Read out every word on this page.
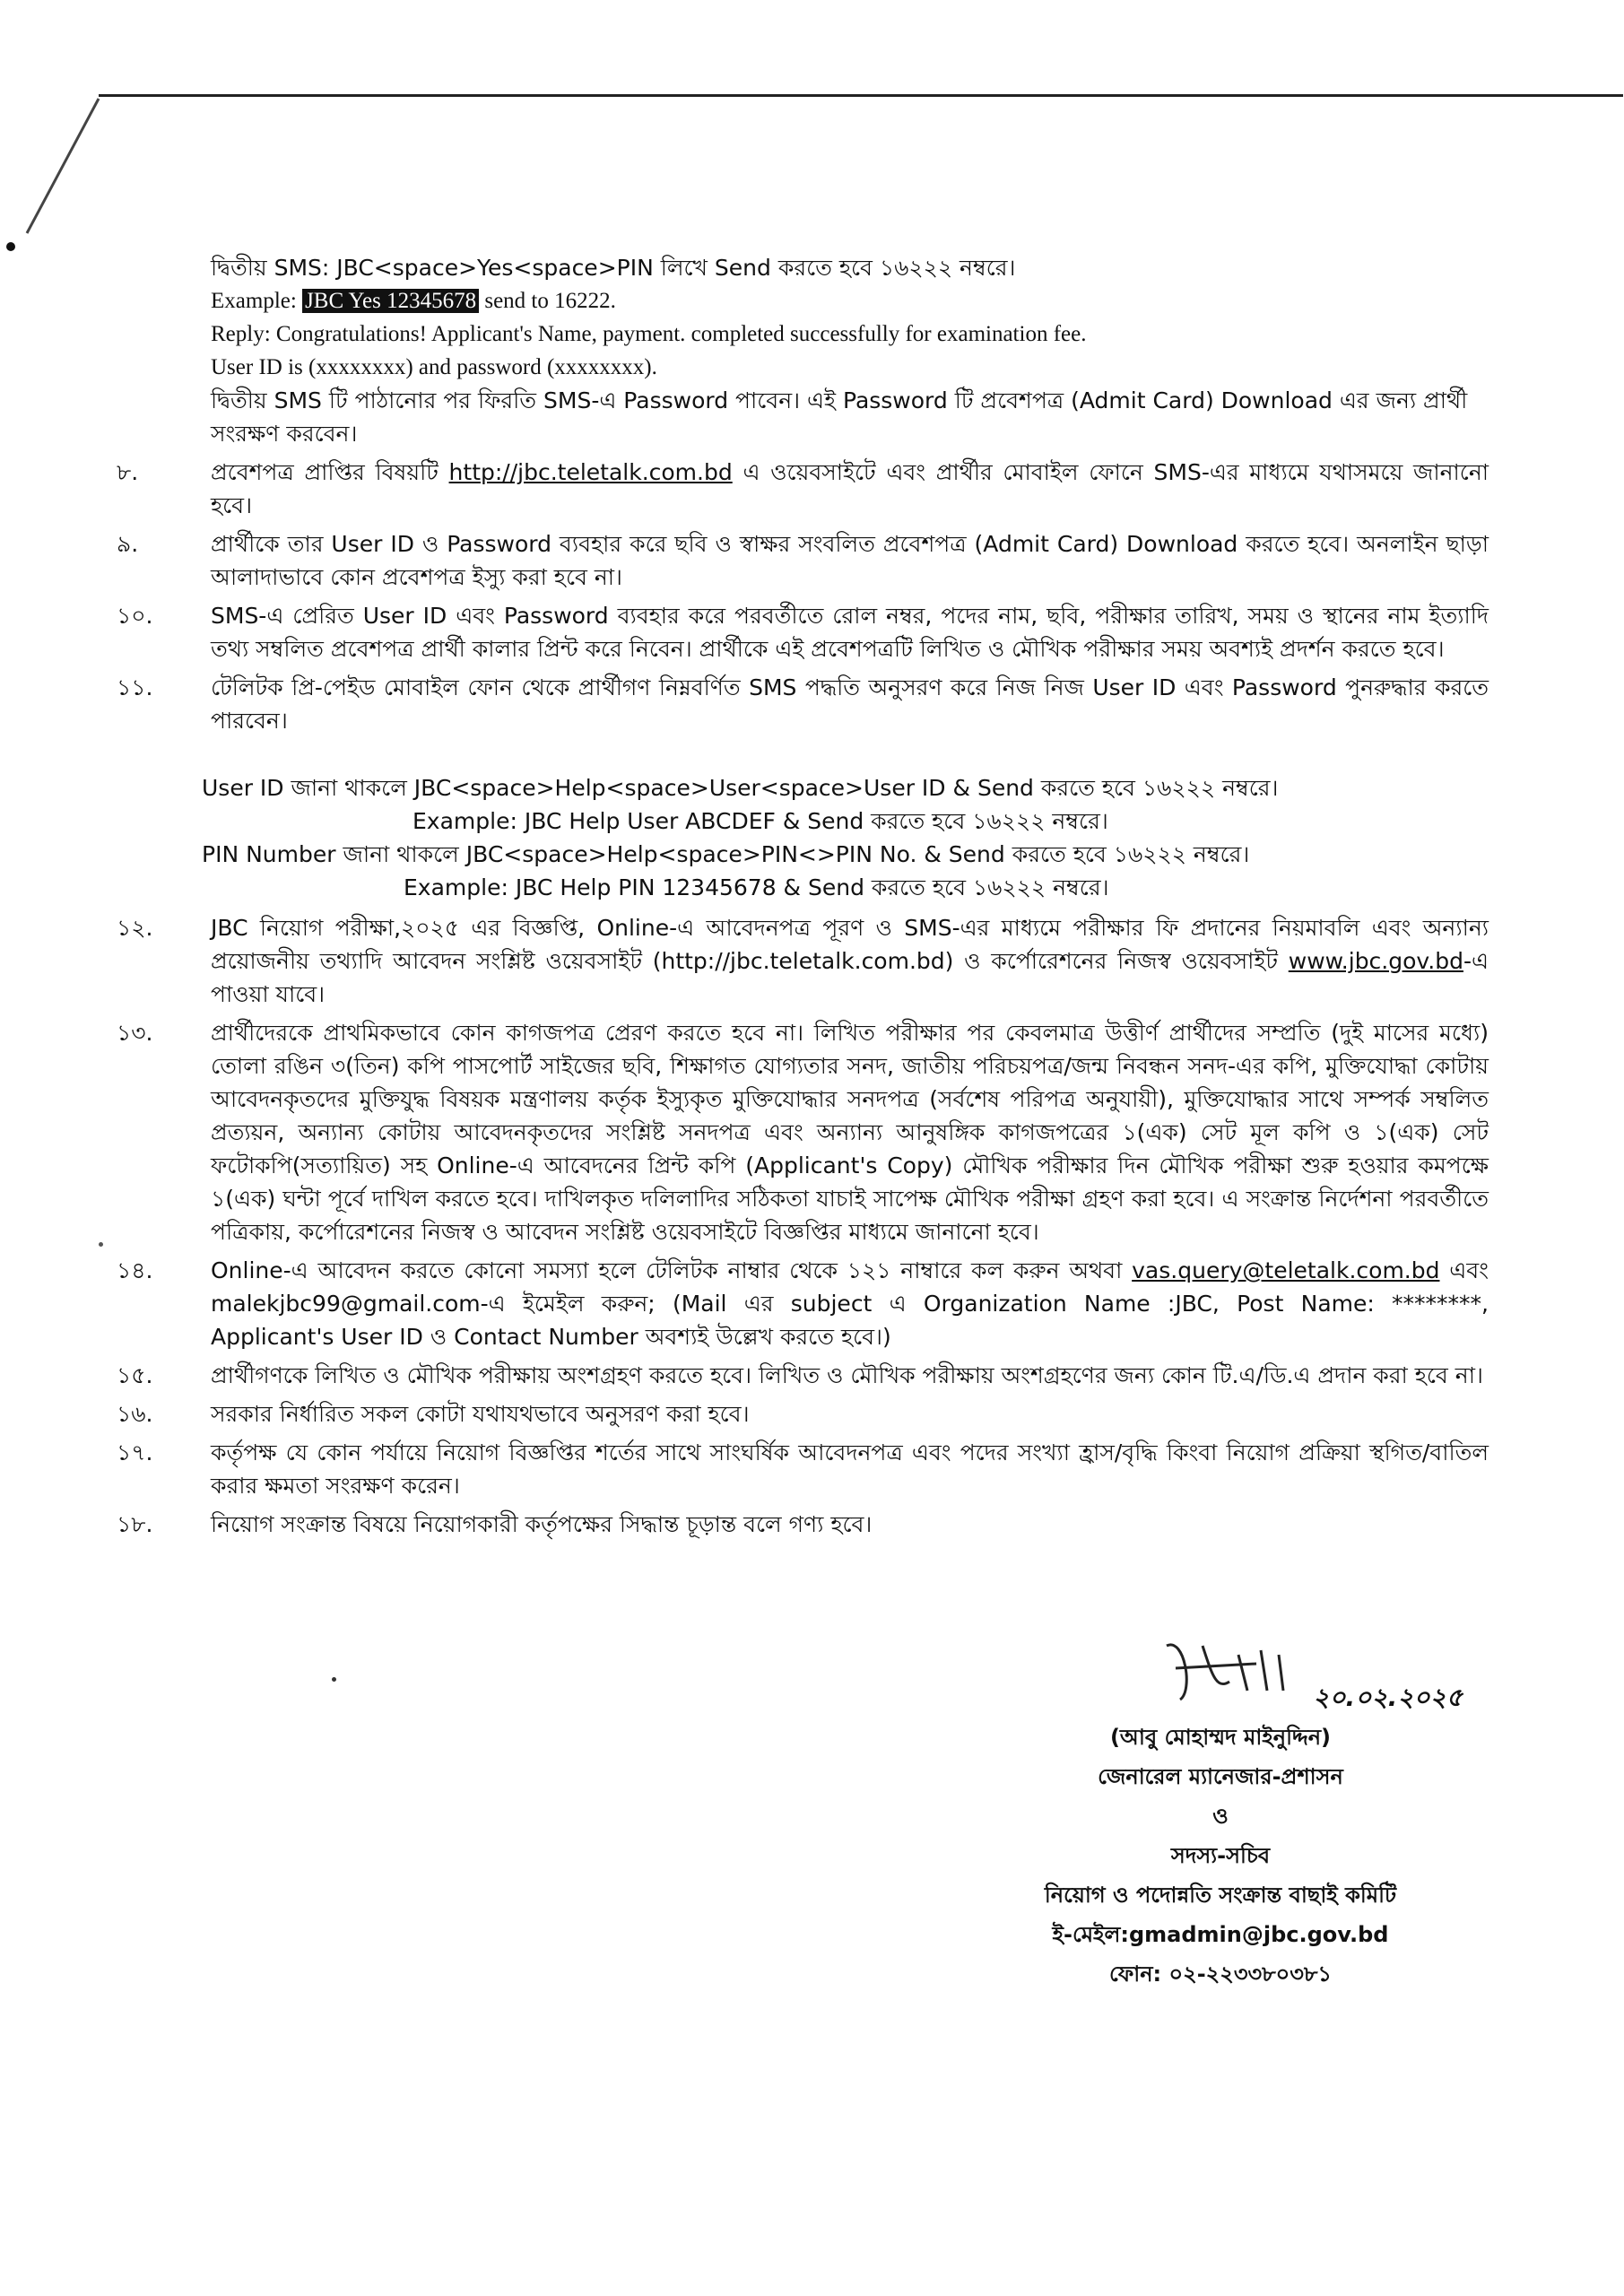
দ্বিতীয় SMS: JBC<space>Yes<space>PIN লিখে Send করতে হবে ১৬২২২ নম্বরে।

Example: JBC Yes 12345678 send to 16222.

Reply: Congratulations! Applicant's Name, payment. completed successfully for examination fee.

User ID is (xxxxxxxx) and password (xxxxxxxx).

দ্বিতীয় SMS টি পাঠানোর পর ফিরতি SMS-এ Password পাবেন। এই Password টি প্রবেশপত্র (Admit Card) Download এর জন্য প্রার্থী সংরক্ষণ করবেন।

৮.	প্রবেশপত্র প্রাপ্তির বিষয়টি http://jbc.teletalk.com.bd এ ওয়েবসাইটে এবং প্রার্থীর মোবাইল ফোনে SMS-এর মাধ্যমে যথাসময়ে জানানো হবে।
৯.	প্রার্থীকে তার User ID ও Password ব্যবহার করে ছবি ও স্বাক্ষর সংবলিত প্রবেশপত্র (Admit Card) Download করতে হবে। অনলাইন ছাড়া আলাদাভাবে কোন প্রবেশপত্র ইস্যু করা হবে না।
১০.	SMS-এ প্রেরিত User ID এবং Password ব্যবহার করে পরবর্তীতে রোল নম্বর, পদের নাম, ছবি, পরীক্ষার তারিখ, সময় ও স্থানের নাম ইত্যাদি তথ্য সম্বলিত প্রবেশপত্র প্রার্থী কালার প্রিন্ট করে নিবেন। প্রার্থীকে এই প্রবেশপত্রটি লিখিত ও মৌখিক পরীক্ষার সময় অবশ্যই প্রদর্শন করতে হবে।
১১.	টেলিটক প্রি-পেইড মোবাইল ফোন থেকে প্রার্থীগণ নিম্নবর্ণিত SMS পদ্ধতি অনুসরণ করে নিজ নিজ User ID এবং Password পুনরুদ্ধার করতে পারবেন।

User ID জানা থাকলে JBC<space>Help<space>User<space>User ID & Send করতে হবে ১৬২২২ নম্বরে।

Example: JBC Help User ABCDEF & Send করতে হবে ১৬২২২ নম্বরে।

PIN Number জানা থাকলে JBC<space>Help<space>PIN<>PIN No. & Send করতে হবে ১৬২২২ নম্বরে।

Example: JBC Help PIN 12345678 & Send করতে হবে ১৬২২২ নম্বরে।

১২.	JBC নিয়োগ পরীক্ষা,২০২৫ এর বিজ্ঞপ্তি, Online-এ আবেদনপত্র পূরণ ও SMS-এর মাধ্যমে পরীক্ষার ফি প্রদানের নিয়মাবলি এবং অন্যান্য প্রয়োজনীয় তথ্যাদি আবেদন সংশ্লিষ্ট ওয়েবসাইট (http://jbc.teletalk.com.bd) ও কর্পোরেশনের নিজস্ব ওয়েবসাইট www.jbc.gov.bd-এ পাওয়া যাবে।
১৩.	প্রার্থীদেরকে প্রাথমিকভাবে কোন কাগজপত্র প্রেরণ করতে হবে না। লিখিত পরীক্ষার পর কেবলমাত্র উত্তীর্ণ প্রার্থীদের সম্প্রতি (দুই মাসের মধ্যে) তোলা রঙিন ৩(তিন) কপি পাসপোর্ট সাইজের ছবি, শিক্ষাগত যোগ্যতার সনদ, জাতীয় পরিচয়পত্র/জন্ম নিবন্ধন সনদ-এর কপি, মুক্তিযোদ্ধা কোটায় আবেদনকৃতদের মুক্তিযুদ্ধ বিষয়ক মন্ত্রণালয় কর্তৃক ইস্যুকৃত মুক্তিযোদ্ধার সনদপত্র (সর্বশেষ পরিপত্র অনুযায়ী), মুক্তিযোদ্ধার সাথে সম্পর্ক সম্বলিত প্রত্যয়ন, অন্যান্য কোটায় আবেদনকৃতদের সংশ্লিষ্ট সনদপত্র এবং অন্যান্য আনুষঙ্গিক কাগজপত্রের ১(এক) সেট মূল কপি ও ১(এক) সেট ফটোকপি(সত্যায়িত) সহ Online-এ আবেদনের প্রিন্ট কপি (Applicant's Copy) মৌখিক পরীক্ষার দিন মৌখিক পরীক্ষা শুরু হওয়ার কমপক্ষে ১(এক) ঘন্টা পূর্বে দাখিল করতে হবে। দাখিলকৃত দলিলাদির সঠিকতা যাচাই সাপেক্ষ মৌখিক পরীক্ষা গ্রহণ করা হবে। এ সংক্রান্ত নির্দেশনা পরবর্তীতে পত্রিকায়, কর্পোরেশনের নিজস্ব ও আবেদন সংশ্লিষ্ট ওয়েবসাইটে বিজ্ঞপ্তির মাধ্যমে জানানো হবে।
১৪.	Online-এ আবেদন করতে কোনো সমস্যা হলে টেলিটক নাম্বার থেকে ১২১ নাম্বারে কল করুন অথবা vas.query@teletalk.com.bd এবং malekjbc99@gmail.com-এ ইমেইল করুন; (Mail এর subject এ Organization Name :JBC, Post Name: ********, Applicant's User ID ও Contact Number অবশ্যই উল্লেখ করতে হবে।)
১৫.	প্রার্থীগণকে লিখিত ও মৌখিক পরীক্ষায় অংশগ্রহণ করতে হবে। লিখিত ও মৌখিক পরীক্ষায় অংশগ্রহণের জন্য কোন টি.এ/ডি.এ প্রদান করা হবে না।
১৬.	সরকার নির্ধারিত সকল কোটা যথাযথভাবে অনুসরণ করা হবে।
১৭.	কর্তৃপক্ষ যে কোন পর্যায়ে নিয়োগ বিজ্ঞপ্তির শর্তের সাথে সাংঘর্ষিক আবেদনপত্র এবং পদের সংখ্যা হ্রাস/বৃদ্ধি কিংবা নিয়োগ প্রক্রিয়া স্থগিত/বাতিল করার ক্ষমতা সংরক্ষণ করেন।
১৮.	নিয়োগ সংক্রান্ত বিষয়ে নিয়োগকারী কর্তৃপক্ষের সিদ্ধান্ত চূড়ান্ত বলে গণ্য হবে।
২০.০২.২০২৫

(আবু মোহাম্মদ মাইনুদ্দিন)

জেনারেল ম্যানেজার-প্রশাসন

ও

সদস্য-সচিব

নিয়োগ ও পদোন্নতি সংক্রান্ত বাছাই কমিটি

ই-মেইল:gmadmin@jbc.gov.bd

ফোন: ০২-২২৩৩৮০৩৮১
